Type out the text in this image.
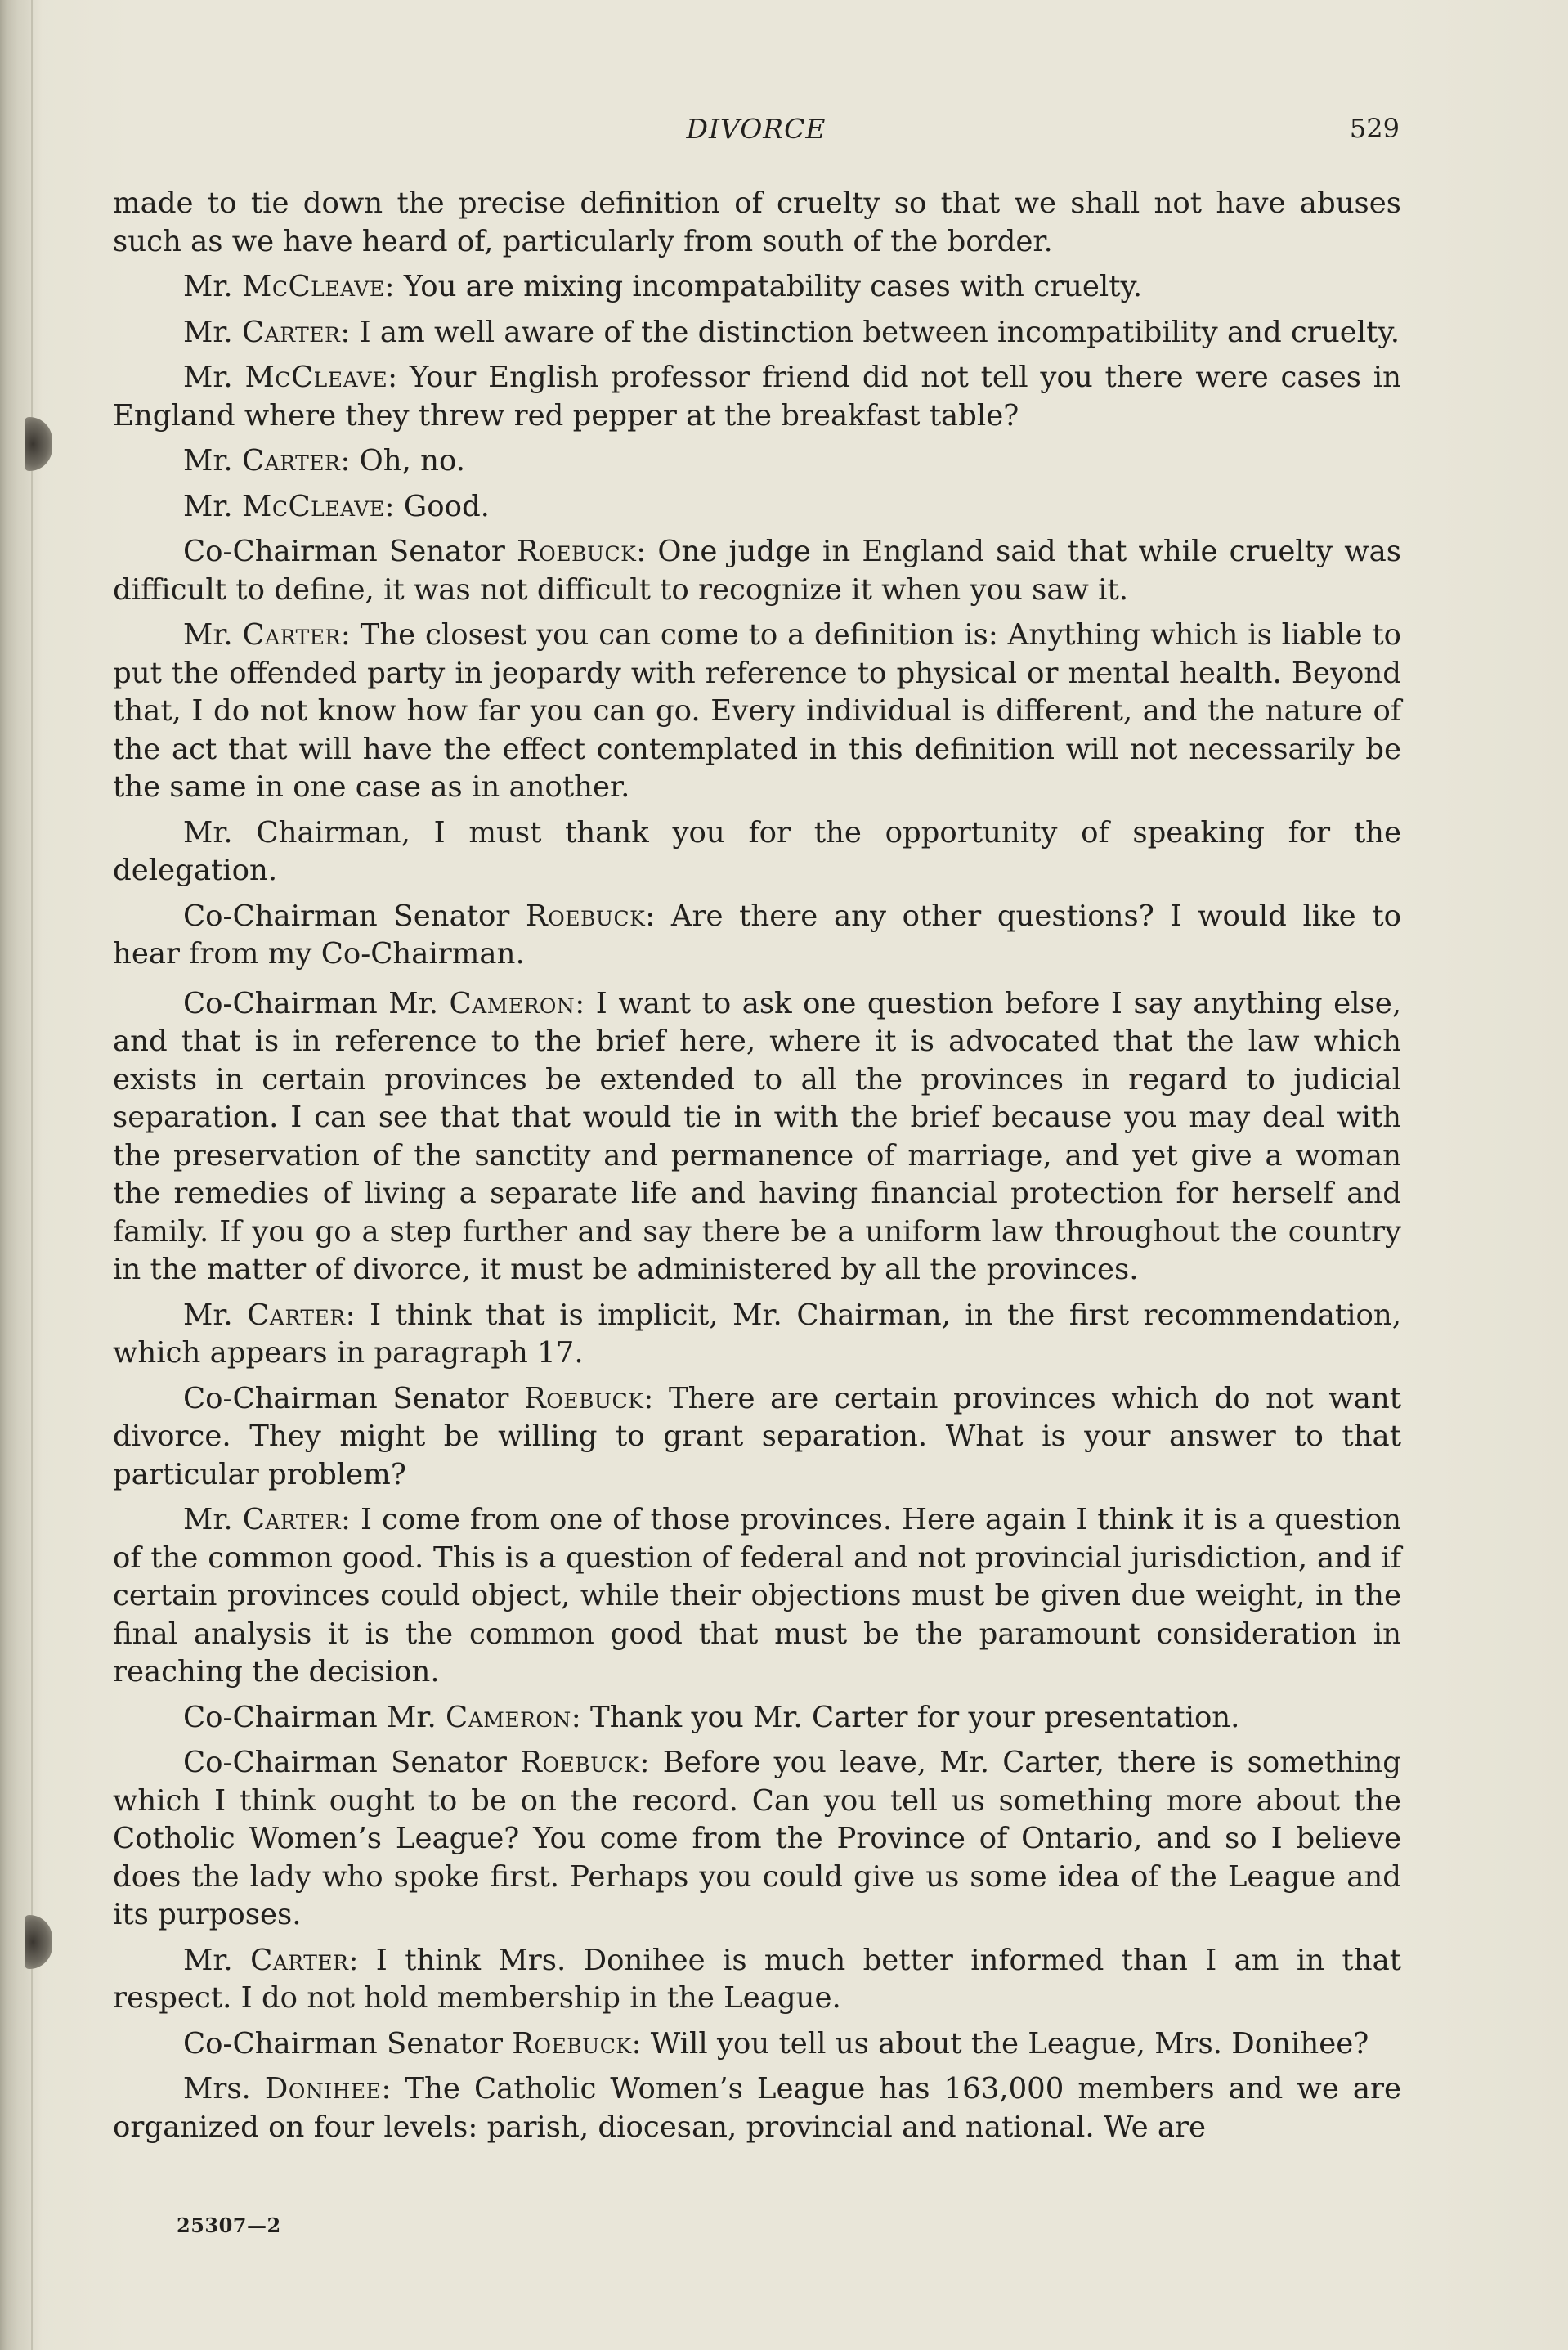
DIVORCE	529

made to tie down the precise definition of cruelty so that we shall not have abuses such as we have heard of, particularly from south of the border.

Mr. McCleave: You are mixing incompatability cases with cruelty.

Mr. Carter: I am well aware of the distinction between incompatibility and cruelty.

Mr. McCleave: Your English professor friend did not tell you there were cases in England where they threw red pepper at the breakfast table?

Mr. Carter: Oh, no.

Mr. McCleave: Good.

Co-Chairman Senator Roebuck: One judge in England said that while cruelty was difficult to define, it was not difficult to recognize it when you saw it.

Mr. Carter: The closest you can come to a definition is: Anything which is liable to put the offended party in jeopardy with reference to physical or mental health. Beyond that, I do not know how far you can go. Every individual is different, and the nature of the act that will have the effect contemplated in this definition will not necessarily be the same in one case as in another.

Mr. Chairman, I must thank you for the opportunity of speaking for the delegation.

Co-Chairman Senator Roebuck: Are there any other questions? I would like to hear from my Co-Chairman.

Co-Chairman Mr. Cameron: I want to ask one question before I say anything else, and that is in reference to the brief here, where it is advocated that the law which exists in certain provinces be extended to all the provinces in regard to judicial separation. I can see that that would tie in with the brief because you may deal with the preservation of the sanctity and permanence of marriage, and yet give a woman the remedies of living a separate life and having financial protection for herself and family. If you go a step further and say there be a uniform law throughout the country in the matter of divorce, it must be administered by all the provinces.

Mr. Carter: I think that is implicit, Mr. Chairman, in the first recommendation, which appears in paragraph 17.

Co-Chairman Senator Roebuck: There are certain provinces which do not want divorce. They might be willing to grant separation. What is your answer to that particular problem?

Mr. Carter: I come from one of those provinces. Here again I think it is a question of the common good. This is a question of federal and not provincial jurisdiction, and if certain provinces could object, while their objections must be given due weight, in the final analysis it is the common good that must be the paramount consideration in reaching the decision.

Co-Chairman Mr. Cameron: Thank you Mr. Carter for your presentation.

Co-Chairman Senator Roebuck: Before you leave, Mr. Carter, there is something which I think ought to be on the record. Can you tell us something more about the Cotholic Women’s League? You come from the Province of Ontario, and so I believe does the lady who spoke first. Perhaps you could give us some idea of the League and its purposes.

Mr. Carter: I think Mrs. Donihee is much better informed than I am in that respect. I do not hold membership in the League.

Co-Chairman Senator Roebuck: Will you tell us about the League, Mrs. Donihee?

Mrs. Donihee: The Catholic Women’s League has 163,000 members and we are organized on four levels: parish, diocesan, provincial and national. We are

25307—2
